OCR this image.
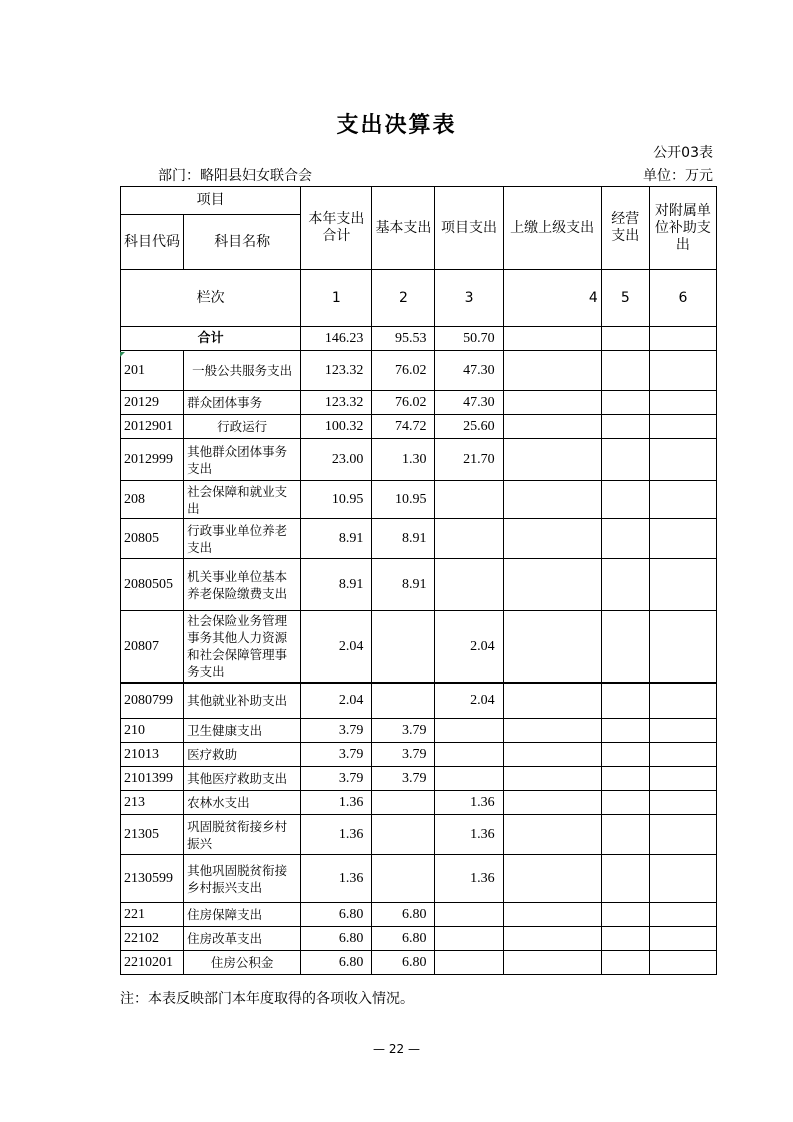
支出决算表
公开03表
部门：略阳县妇女联合会	单位：万元
项目		本年支出合计	基本支出	项目支出	上缴上级支出	经营支出	对附属单位补助支出
科目代码	科目名称						
栏次		1	2	3	4	5	6
合计		146.23	95.53	50.70			
201	一般公共服务支出	123.32	76.02	47.30			
20129	群众团体事务	123.32	76.02	47.30			
2012901	行政运行	100.32	74.72	25.60			
2012999	其他群众团体事务支出	23.00	1.30	21.70			
208	社会保障和就业支出	10.95	10.95				
20805	行政事业单位养老支出	8.91	8.91				
2080505	机关事业单位基本养老保险缴费支出	8.91	8.91				
20807	社会保险业务管理事务其他人力资源和社会保障管理事务支出	2.04		2.04			
2080799	其他就业补助支出	2.04		2.04			
210	卫生健康支出	3.79	3.79				
21013	医疗救助	3.79	3.79				
2101399	其他医疗救助支出	3.79	3.79				
213	农林水支出	1.36		1.36			
21305	巩固脱贫衔接乡村振兴	1.36		1.36			
2130599	其他巩固脱贫衔接乡村振兴支出	1.36		1.36			
221	住房保障支出	6.80	6.80				
22102	住房改革支出	6.80	6.80				
2210201	住房公积金	6.80	6.80				
注：本表反映部门本年度取得的各项收入情况。
— 22 —
